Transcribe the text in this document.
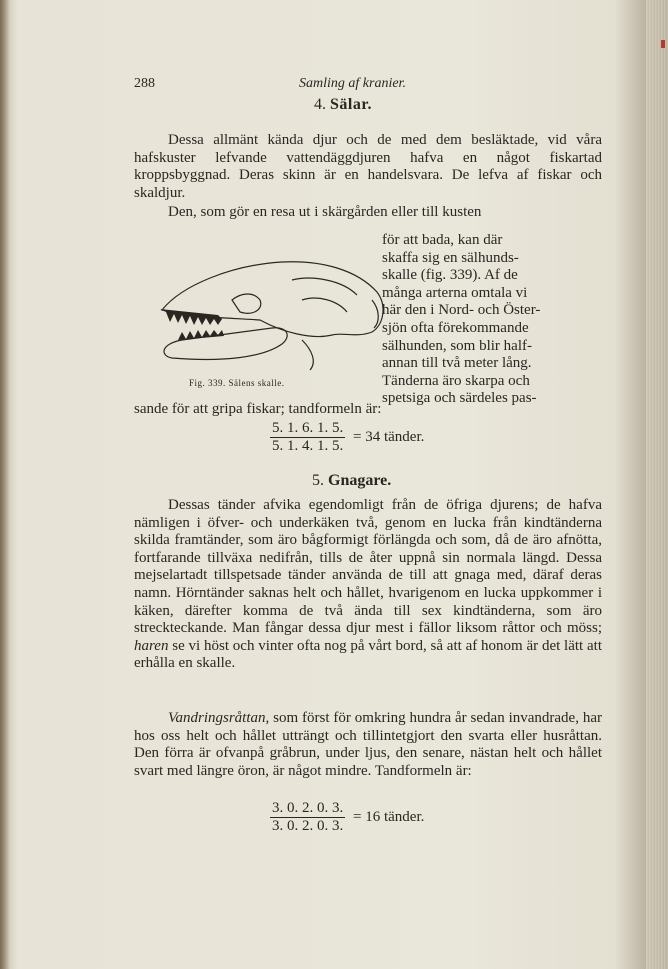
288	Samling af kranier.
4. Sälar.

Dessa allmänt kända djur och de med dem besläktade, vid våra hafskuster lefvande vattendäggdjuren hafva en något fiskartad kroppsbyggnad. Deras skinn är en handelsvara. De lefva af fiskar och skaldjur.

Den, som gör en resa ut i skärgården eller till kusten

Fig. 339. Sälens skalle.
för att bada, kan där
skaffa sig en sälhunds-
skalle (fig. 339). Af de
många arterna omtala vi
här den i Nord- och Öster-
sjön ofta förekommande
sälhunden, som blir half-
annan till två meter lång.
Tänderna äro skarpa och
spetsiga och särdeles pas-

sande för att gripa fiskar; tandformeln är:

$\frac{5. 1. 6. 1. 5.}{5. 1. 4. 1. 5.} = 34$ tänder.
5. Gnagare.

Dessas tänder afvika egendomligt från de öfriga djurens; de hafva nämligen i öfver- och underkäken två, genom en lucka från kindtänderna skilda framtänder, som äro bågformigt förlängda och som, då de äro afnötta, fortfarande tillväxa nedifrån, tills de åter uppnå sin normala längd. Dessa mejselartadt tillspetsade tänder använda de till att gnaga med, däraf deras namn. Hörntänder saknas helt och hållet, hvarigenom en lucka uppkommer i käken, därefter komma de två ända till sex kindtänderna, som äro streckteckande. Man fångar dessa djur mest i fällor liksom råttor och möss; haren se vi höst och vinter ofta nog på vårt bord, så att af honom är det lätt att erhålla en skalle.

Vandringsråttan, som först för omkring hundra år sedan invandrade, har hos oss helt och hållet utträngt och tillintetgjort den svarta eller husråttan. Den förra är ofvanpå gråbrun, under ljus, den senare, nästan helt och hållet svart med längre öron, är något mindre. Tandformeln är:

$\frac{3. 0. 2. 0. 3.}{3. 0. 2. 0. 3.} = 16$ tänder.
